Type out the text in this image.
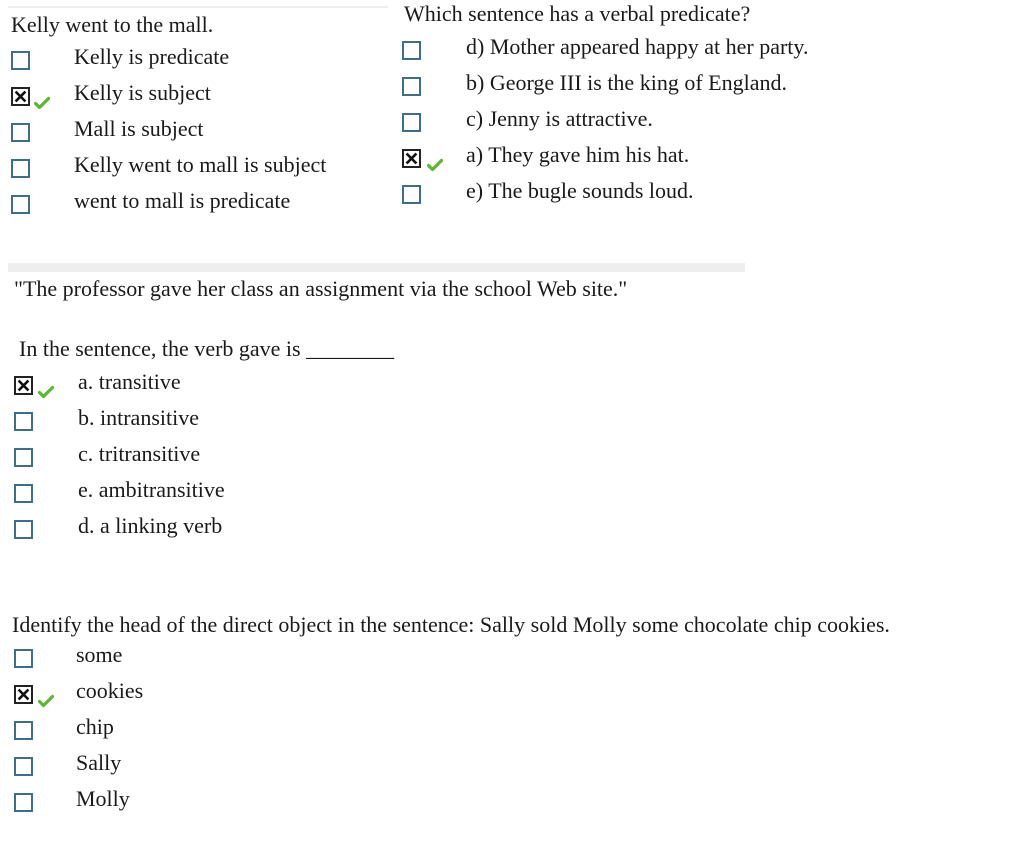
Kelly went to the mall.
Kelly is predicate
Kelly is subject
Mall is subject
Kelly went to mall is subject
went to mall is predicate
Which sentence has a verbal predicate?
d) Mother appeared happy at her party.
b) George III is the king of England.
c) Jenny is attractive.
a) They gave him his hat.
e) The bugle sounds loud.
"The professor gave her class an assignment via the school Web site."
In the sentence, the verb gave is ________
a. transitive
b. intransitive
c. tritransitive
e. ambitransitive
d. a linking verb
Identify the head of the direct object in the sentence: Sally sold Molly some chocolate chip cookies.
some
cookies
chip
Sally
Molly
